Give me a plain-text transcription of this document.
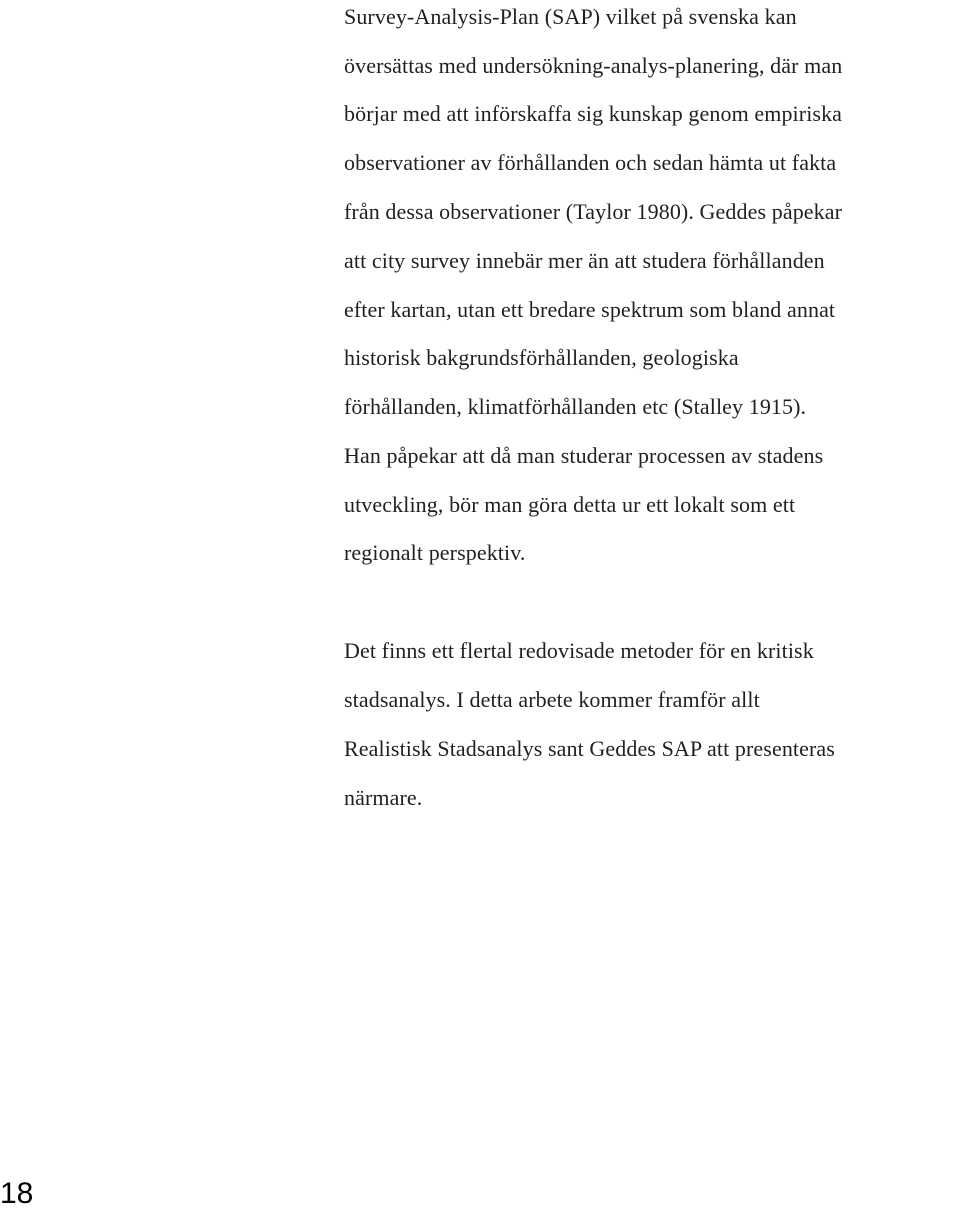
Survey-Analysis-Plan (SAP) vilket på svenska kan

översättas med undersökning-analys-planering, där man

börjar med att införskaffa sig kunskap genom empiriska

observationer av förhållanden och sedan hämta ut fakta

från dessa observationer (Taylor 1980). Geddes påpekar

att city survey innebär mer än att studera förhållanden

efter kartan, utan ett bredare spektrum som bland annat

historisk bakgrundsförhållanden, geologiska

förhållanden, klimatförhållanden etc (Stalley 1915).

Han påpekar att då man studerar processen av stadens

utveckling, bör man göra detta ur ett lokalt som ett

regionalt perspektiv.

Det finns ett flertal redovisade metoder för en kritisk

stadsanalys. I detta arbete kommer framför allt

Realistisk Stadsanalys sant Geddes SAP att presenteras

närmare.

18
